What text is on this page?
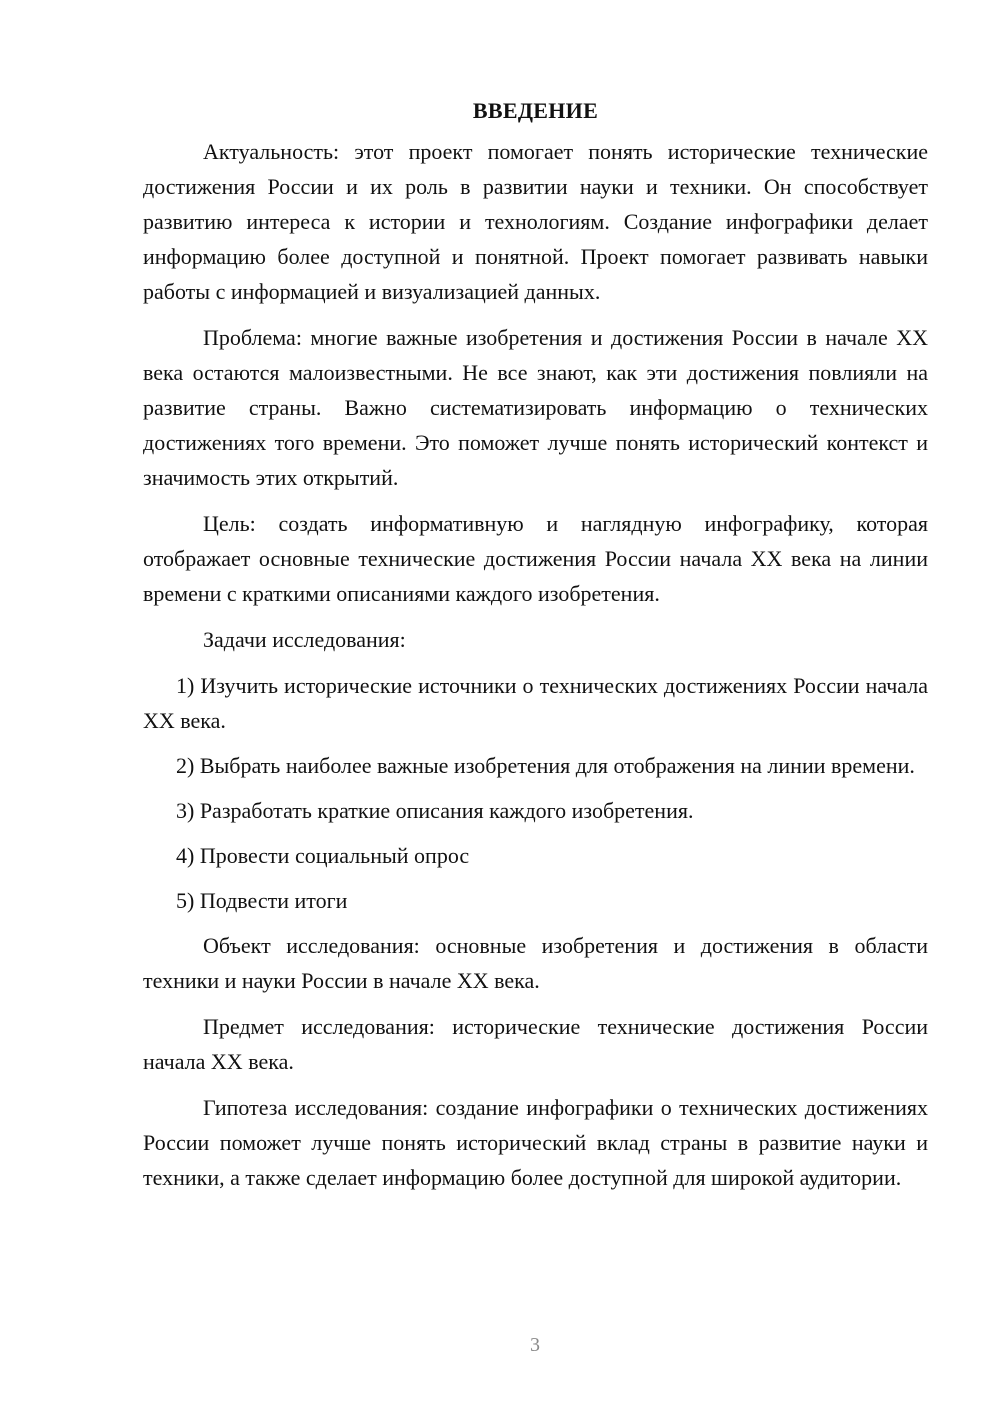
ВВЕДЕНИЕ

Актуальность: этот проект помогает понять исторические технические достижения России и их роль в развитии науки и техники. Он способствует развитию интереса к истории и технологиям. Создание инфографики делает информацию более доступной и понятной. Проект помогает развивать навыки работы с информацией и визуализацией данных.

Проблема: многие важные изобретения и достижения России в начале XX века остаются малоизвестными. Не все знают, как эти достижения повлияли на развитие страны. Важно систематизировать информацию о технических достижениях того времени. Это поможет лучше понять исторический контекст и значимость этих открытий.

Цель: создать информативную и наглядную инфографику, которая отображает основные технические достижения России начала XX века на линии времени с краткими описаниями каждого изобретения.

Задачи исследования:

1) Изучить исторические источники о технических достижениях России начала XX века.

2) Выбрать наиболее важные изобретения для отображения на линии времени.

3) Разработать краткие описания каждого изобретения.

4) Провести социальный опрос

5) Подвести итоги

Объект исследования: основные изобретения и достижения в области техники и науки России в начале XX века.

Предмет исследования: исторические технические достижения России начала XX века.

Гипотеза исследования: создание инфографики о технических достижениях России поможет лучше понять исторический вклад страны в развитие науки и техники, а также сделает информацию более доступной для широкой аудитории.

3
